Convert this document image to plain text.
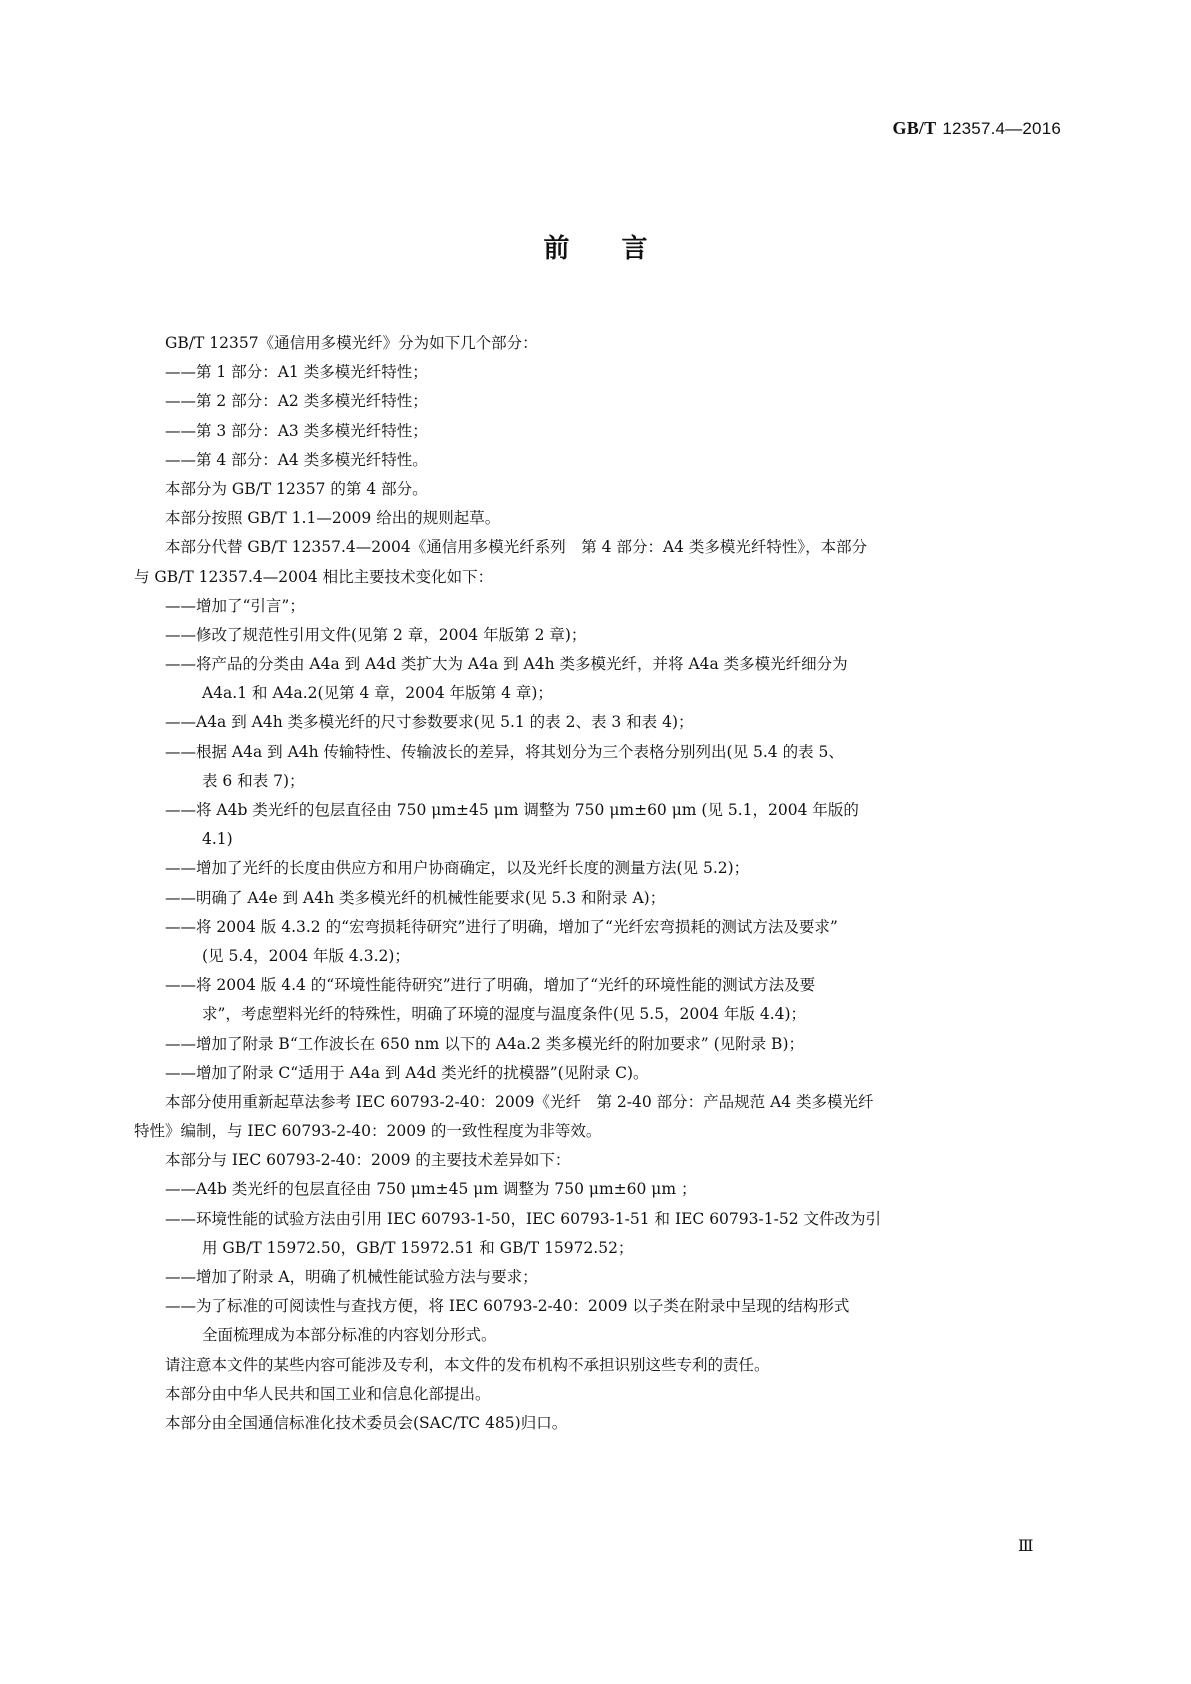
GB/T 12357.4—2016
前言
GB/T 12357《通信用多模光纤》分为如下几个部分：
——第 1 部分：A1 类多模光纤特性；
——第 2 部分：A2 类多模光纤特性；
——第 3 部分：A3 类多模光纤特性；
——第 4 部分：A4 类多模光纤特性。
本部分为 GB/T 12357 的第 4 部分。
本部分按照 GB/T 1.1—2009 给出的规则起草。
本部分代替 GB/T 12357.4—2004《通信用多模光纤系列　第 4 部分：A4 类多模光纤特性》，本部分
与 GB/T 12357.4—2004 相比主要技术变化如下：
——增加了“引言”；
——修改了规范性引用文件(见第 2 章，2004 年版第 2 章)；
——将产品的分类由 A4a 到 A4d 类扩大为 A4a 到 A4h 类多模光纤，并将 A4a 类多模光纤细分为
A4a.1 和 A4a.2(见第 4 章，2004 年版第 4 章)；
——A4a 到 A4h 类多模光纤的尺寸参数要求(见 5.1 的表 2、表 3 和表 4)；
——根据 A4a 到 A4h 传输特性、传输波长的差异，将其划分为三个表格分别列出(见 5.4 的表 5、
表 6 和表 7)；
——将 A4b 类光纤的包层直径由 750 μm±45 μm 调整为 750 μm±60 μm (见 5.1，2004 年版的
4.1)
——增加了光纤的长度由供应方和用户协商确定，以及光纤长度的测量方法(见 5.2)；
——明确了 A4e 到 A4h 类多模光纤的机械性能要求(见 5.3 和附录 A)；
——将 2004 版 4.3.2 的“宏弯损耗待研究”进行了明确，增加了“光纤宏弯损耗的测试方法及要求”
(见 5.4，2004 年版 4.3.2)；
——将 2004 版 4.4 的“环境性能待研究”进行了明确，增加了“光纤的环境性能的测试方法及要
求”，考虑塑料光纤的特殊性，明确了环境的湿度与温度条件(见 5.5，2004 年版 4.4)；
——增加了附录 B“工作波长在 650 nm 以下的 A4a.2 类多模光纤的附加要求” (见附录 B)；
——增加了附录 C“适用于 A4a 到 A4d 类光纤的扰模器”(见附录 C)。
本部分使用重新起草法参考 IEC 60793-2-40：2009《光纤　第 2-40 部分：产品规范 A4 类多模光纤
特性》编制，与 IEC 60793-2-40：2009 的一致性程度为非等效。
本部分与 IEC 60793-2-40：2009 的主要技术差异如下：
——A4b 类光纤的包层直径由 750 μm±45 μm 调整为 750 μm±60 μm ；
——环境性能的试验方法由引用 IEC 60793-1-50，IEC 60793-1-51 和 IEC 60793-1-52 文件改为引
用 GB/T 15972.50，GB/T 15972.51 和 GB/T 15972.52；
——增加了附录 A，明确了机械性能试验方法与要求；
——为了标准的可阅读性与查找方便，将 IEC 60793-2-40：2009 以子类在附录中呈现的结构形式
全面梳理成为本部分标准的内容划分形式。
请注意本文件的某些内容可能涉及专利，本文件的发布机构不承担识别这些专利的责任。
本部分由中华人民共和国工业和信息化部提出。
本部分由全国通信标准化技术委员会(SAC/TC 485)归口。
Ⅲ
